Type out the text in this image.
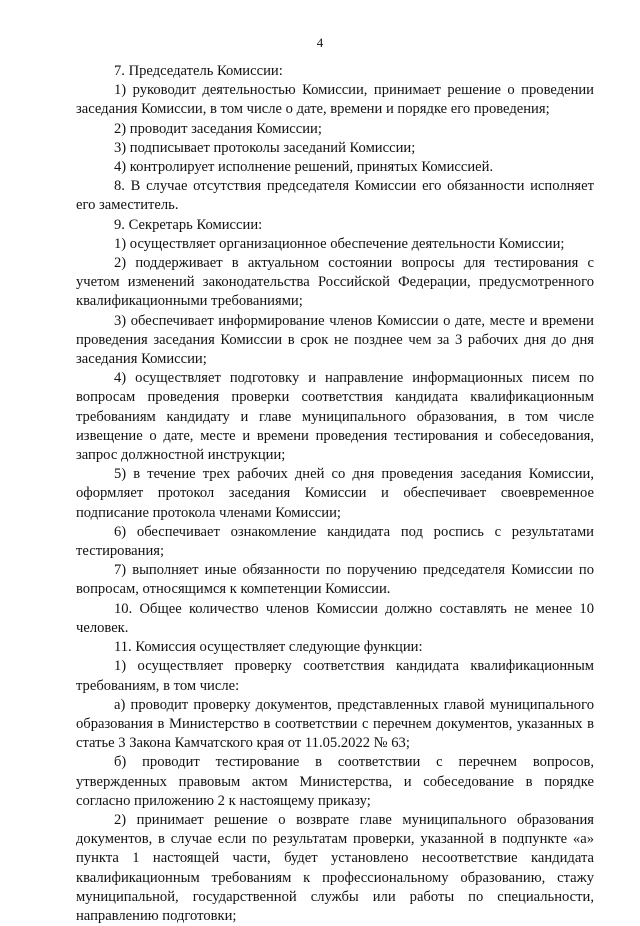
4

7. Председатель Комиссии:

1) руководит деятельностью Комиссии, принимает решение о проведении заседания Комиссии, в том числе о дате, времени и порядке его проведения;

2) проводит заседания Комиссии;

3) подписывает протоколы заседаний Комиссии;

4) контролирует исполнение решений, принятых Комиссией.

8. В случае отсутствия председателя Комиссии его обязанности исполняет его заместитель.

9. Секретарь Комиссии:

1) осуществляет организационное обеспечение деятельности Комиссии;

2) поддерживает в актуальном состоянии вопросы для тестирования с учетом изменений законодательства Российской Федерации, предусмотренного квалификационными требованиями;

3) обеспечивает информирование членов Комиссии о дате, месте и времени проведения заседания Комиссии в срок не позднее чем за 3 рабочих дня до дня заседания Комиссии;

4) осуществляет подготовку и направление информационных писем по вопросам проведения проверки соответствия кандидата квалификационным требованиям кандидату и главе муниципального образования, в том числе извещение о дате, месте и времени проведения тестирования и собеседования, запрос должностной инструкции;

5) в течение трех рабочих дней со дня проведения заседания Комиссии, оформляет протокол заседания Комиссии и обеспечивает своевременное подписание протокола членами Комиссии;

6) обеспечивает ознакомление кандидата под роспись с результатами тестирования;

7) выполняет иные обязанности по поручению председателя Комиссии по вопросам, относящимся к компетенции Комиссии.

10. Общее количество членов Комиссии должно составлять не менее 10 человек.

11. Комиссия осуществляет следующие функции:

1) осуществляет проверку соответствия кандидата квалификационным требованиям, в том числе:

а) проводит проверку документов, представленных главой муниципального образования в Министерство в соответствии с перечнем документов, указанных в статье 3 Закона Камчатского края от 11.05.2022 № 63;

б) проводит тестирование в соответствии с перечнем вопросов, утвержденных правовым актом Министерства, и собеседование в порядке согласно приложению 2 к настоящему приказу;

2) принимает решение о возврате главе муниципального образования документов, в случае если по результатам проверки, указанной в подпункте «а» пункта 1 настоящей части, будет установлено несоответствие кандидата квалификационным требованиям к профессиональному образованию, стажу муниципальной, государственной службы или работы по специальности, направлению подготовки;
